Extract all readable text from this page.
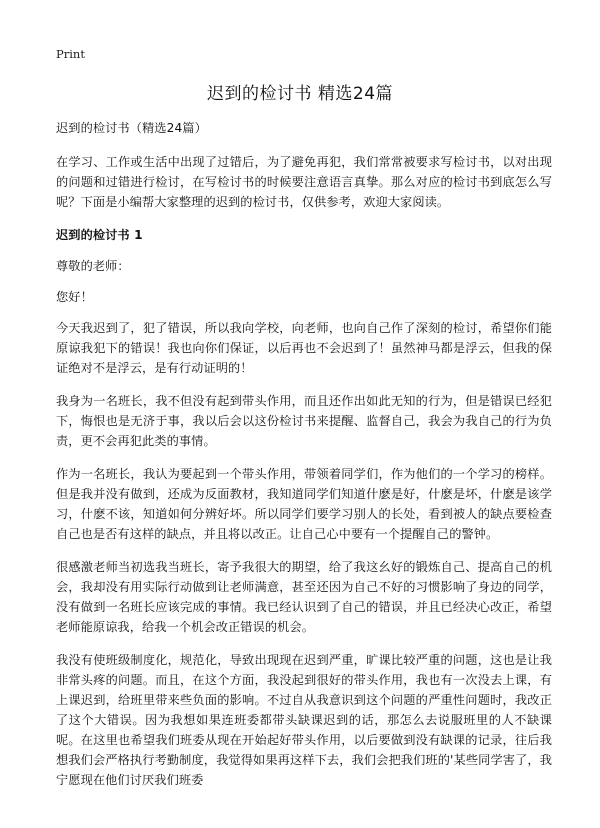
Print
迟到的检讨书 精选24篇

迟到的检讨书（精选24篇）

在学习、工作或生活中出现了过错后，为了避免再犯，我们常常被要求写检讨书，以对出现的问题和过错进行检讨，在写检讨书的时候要注意语言真挚。那么对应的检讨书到底怎么写呢？下面是小编帮大家整理的迟到的检讨书，仅供参考，欢迎大家阅读。

迟到的检讨书 1

尊敬的老师：

您好！

今天我迟到了，犯了错误，所以我向学校，向老师，也向自己作了深刻的检讨，希望你们能原谅我犯下的错误！我也向你们保证，以后再也不会迟到了！虽然神马都是浮云，但我的保证绝对不是浮云，是有行动证明的！

我身为一名班长，我不但没有起到带头作用，而且还作出如此无知的行为，但是错误已经犯下，悔恨也是无济于事，我以后会以这份检讨书来提醒、监督自己，我会为我自己的行为负责，更不会再犯此类的事情。

作为一名班长，我认为要起到一个带头作用，带领着同学们，作为他们的一个学习的榜样。但是我并没有做到，还成为反面教材，我知道同学们知道什麽是好，什麽是坏，什麽是该学习，什麽不该，知道如何分辨好坏。所以同学们要学习别人的长处，看到被人的缺点要检查自己也是否有这样的缺点，并且将以改正。让自己心中要有一个提醒自己的警钟。

很感激老师当初选我当班长，寄予我很大的期望，给了我这幺好的锻炼自己、提高自己的机会，我却没有用实际行动做到让老师满意，甚至还因为自己不好的习惯影响了身边的同学，没有做到一名班长应该完成的事情。我已经认识到了自己的错误，并且已经决心改正，希望老师能原谅我，给我一个机会改正错误的机会。

我没有使班级制度化，规范化，导致出现现在迟到严重，旷课比较严重的问题，这也是让我非常头疼的问题。而且，在这个方面，我没起到很好的带头作用，我也有一次没去上课，有上课迟到，给班里带来些负面的影响。不过自从我意识到这个问题的严重性问题时，我改正了这个大错误。因为我想如果连班委都带头缺课迟到的话，那怎么去说服班里的人不缺课呢。在这里也希望我们班委从现在开始起好带头作用，以后要做到没有缺课的记录，往后我想我们会严格执行考勤制度，我觉得如果再这样下去，我们会把我们班的'某些同学害了，我宁愿现在他们讨厌我们班委
